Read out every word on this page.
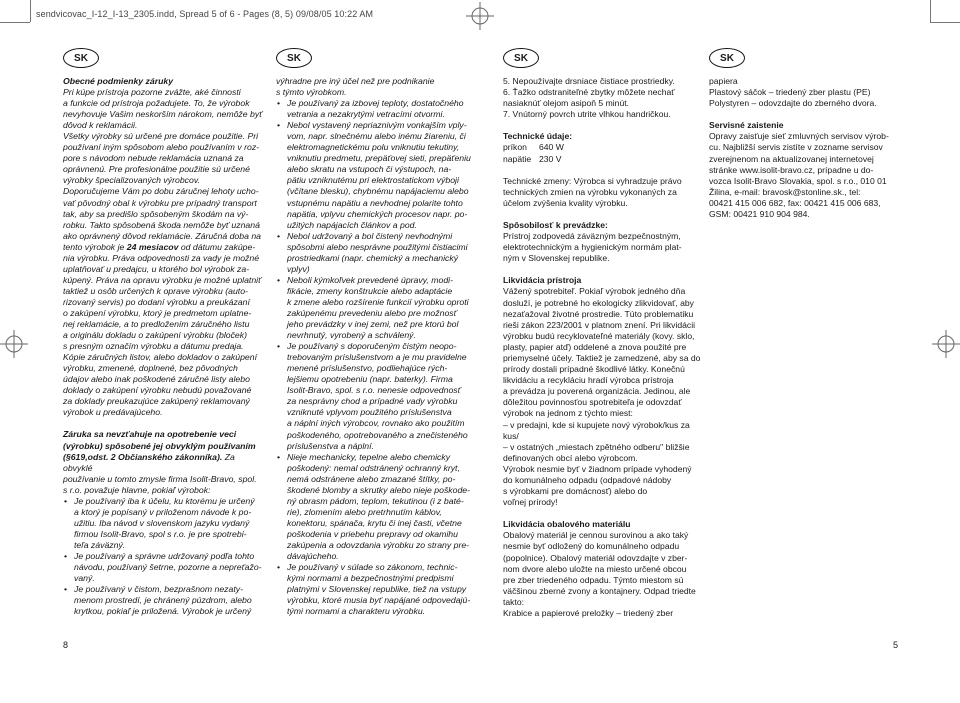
sendvicovac_I-12_I-13_2305.indd, Spread 5 of 6 - Pages (8, 5) 09/08/05 10:22 AM
SK	SK	SK	SK

Obecné podmienky záruky

Pri kúpe prístroja pozorne zvážte, aké činnosti

a funkcie od prístroja požadujete. To, že výrobok

nevyhovuje Vašim neskorším nárokom, nemôže byť

dôvod k reklamácii.

Všetky výrobky sú určené pre domáce použitie. Pri

používaní iným spôsobom alebo používaním v roz-

pore s návodom nebude reklamácia uznaná za

oprávnenú. Pre profesionálne použitie sú určené

výrobky špecializovaných výrobcov.

Doporučujeme Vám po dobu záručnej lehoty ucho-

vať pôvodný obal k výrobku pre prípadný transport

tak, aby sa predišlo spôsobeným škodám na vý-

robku. Takto spôsobená škoda nemôže byť uznaná

ako oprávnený dôvod reklamácie. Záručná doba na

tento výrobok je 24 mesiacov od dátumu zakúpe-

nia výrobku. Práva odpovednosti za vady je možné

uplatňovať u predajcu, u ktorého bol výrobok za-

kúpený. Práva na opravu výrobku je možné uplatniť

taktiež u osôb určených k oprave výrobku (auto-

rizovaný servis) po dodaní výrobku a preukázaní

o zakúpení výrobku, ktorý je predmetom uplatne-

nej reklamácie, a to predložením záručného listu

a originálu dokladu o zakúpení výrobku (bloček)

s presným označím výrobku a dátumu predaja.

Kópie záručných listov, alebo dokladov o zakúpení

výrobku, zmenené, doplnené, bez pôvodných

údajov alebo inak poškodené záručné listy alebo

doklady o zakúpení výrobku nebudú považované

za doklady preukazujúce zakúpený reklamovaný

výrobok u predávajúceho.

Záruka sa nevzťahuje na opotrebenie veci

(výrobku) spôsobené jej obvyklým používaním

(§619,odst. 2 Občianského zákonníka). Za obvyklé

používanie u tomto zmysle firma Isolit-Bravo, spol.

s r.o. považuje hlavne, pokiaľ výrobok:

• Je používaný iba k účelu, ku ktorému je určený

a ktorý je popísaný v priloženom návode k po-

užitiu. Iba návod v slovenskom jazyku vydaný

firmou Isolit-Bravo, spol s r.o. je pre spotrebi-

teľa záväzný.

• Je používaný a správne udržovaný podľa tohto

návodu, používaný šetrne, pozorne a nepreťažo-

vaný.

• Je používaný v čistom, bezprašnom nezaty-

menom prostredí, je chránený púzdrom, alebo

krytkou, pokiaľ je priložená. Výrobok je určený

výhradne pre iný účel než pre podnikanie

s týmto výrobkom.

• Je používaný za izbovej teploty, dostatočného

vetrania a nezakrytými vetracími otvormi.

• Nebol vystavený nepriaznivým vonkajším vply-

vom, napr. slnečnému alebo inému žiareniu, či

elektromagnetickému polu vniknutiu tekutiny,

vniknutiu predmetu, prepäťovej sieti, prepäťeniu

alebo skratu na vstupoch či výstupoch, na-

pätiu vzniknutému pri elektrostatickom výboji

(včítane blesku), chybnému napájaciemu alebo

vstupnému napätiu a nevhodnej polarite tohto

napätia, vplyvu chemických procesov napr. po-

užitých napájacích článkov a pod.

• Nebol udržovaný a bol čistený nevhodnými

spôsobmi alebo nesprávne použitými čistiacimi

prostriedkami (napr. chemický a mechanický

vplyv)

• Neboli kýmkoľvek prevedené úpravy, modi-

fikácie, zmeny konštrukcie alebo adaptácie

k zmene alebo rozšírenie funkcií výrobku oproti

zakúpenému prevedeniu alebo pre možnosť

jeho prevádzky v inej zemi, než pre ktorú bol

nevrhnutý, vyrobený a schválený.

• Je používaný s doporučeným čistým neopo-

trebovaným príslušenstvom a je mu pravidelne

menené príslušenstvo, podliehajúce rých-

lejšiemu opotrebeniu (napr. baterky). Firma

Isolit-Bravo, spol. s r.o. nenesie odpovednosť

za nesprávny chod a prípadné vady výrobku

vzniknuté vplyvom použitého príslušenstva

a náplní iných výrobcov, rovnako ako použitím

poškodeného, opotrebovaného a znečisteného

príslušenstva a náplní.

• Nieje mechanicky, tepelne alebo chemicky

poškodený: nemal odstránený ochranný kryt,

nemá odstránene alebo zmazané štítky, po-

škodené blomby a skrutky alebo nieje poškode-

ný obrasm pádom, teplom, tekutinou (i z baté-

rie), zlomením alebo pretrhnutím káblov,

konektoru, spánača, krytu či inej časti, včetne

poškodenia v priebehu prepravy od okamihu

zakúpenia a odovzdania výrobku zo strany pre-

dávajúcheho.

• Je používaný v súlade so zákonom, technic-

kými normami a bezpečnostnými predpismi

platnými v Slovenskej republike, tiež na vstupy

výrobku, ktoré musia byť napájané odpovedajú-

tými normami a charakteru výrobku.

5. Nepoužívajte drsniace čistiace prostriedky.

6. Ťažko odstraniteľné zbytky môžete nechať

nasiaknúť olejom asipoň 5 minút.

7. Vnútorný povrch utrite vlhkou handričkou.

Technické údaje:

príkon	640 W
napätie 230 V

Technické zmeny: Výrobca si vyhradzuje právo

technických zmien na výrobku vykonaných za

účelom zvýšenia kvality výrobku.

Spôsobilosť k prevádzke:

Prístroj zodpovedá záväzným bezpečnostným,

elektrotechnickým a hygienickým normám plat-

ným v Slovenskej republike.

Likvidácia prístroja

Vážený spotrebiteľ. Pokiaľ výrobok jedného dňa

dosluží, je potrebné ho ekologicky zlikvidovať, aby

nezaťažoval životné prostredie. Túto problematiku

rieši zákon 223/2001 v platnom znení. Pri likvidácii

výrobku budú recyklovateľné materiály (kovy. sklo,

plasty, papier atď) oddelené a znova použité pre

priemyselné účely. Taktiež je zamedzené, aby sa do

prírody dostali prípadné škodlivé látky. Konečnú

likvidáciu a recykláciu hradí výrobca prístroja

a prevádza ju poverená organizácia. Jedinou, ale

dôležitou povinnosťou spotrebiteľa je odovzdať

výrobok na jednom z týchto miest:

– v predajni, kde si kupujete nový výrobok/kus za

kus/

– v ostatných „miestach zpětného odberu" bližšie

definovaných obcí alebo výrobcom.

Výrobok nesmie byť v žiadnom prípade vyhodený

do komunálneho odpadu (odpadové nádoby

s výrobkami pre domácnosť) alebo do

voľnej prírody!

Likvidácia obalového materiálu

Obalový materiál je cennou surovinou a ako taký

nesmie byť odložený do komunálneho odpadu

(popolnice). Obalový materiál odovzdajte v zber-

nom dvore alebo uložte na miesto určené obcou

pre zber triedeného odpadu. Týmto miestom sú

väčšinou zberné zvony a kontajnery. Odpad triedte

takto:

Krabice a papierové preložky – triedený zber

papiera

Plastový sáčok – triedený zber plastu (PE)

Polystyren – odovzdajte do zberného dvora.

Servisné zaistenie

Opravy zaisťuje sieť zmluvných servisov výrob-

cu. Najbližší servis zistíte v zozname servisov

zverejnenom na aktualizovanej internetovej

stránke www.isolit-bravo.cz, prípadne u do-

vozca Isolit-Bravo Slovakia, spol. s r.o., 010 01

Žilina, e-mail: bravosk@stonline.sk., tel:

00421 415 006 682, fax: 00421 415 006 683,

GSM: 00421 910 904 984.

8	5
